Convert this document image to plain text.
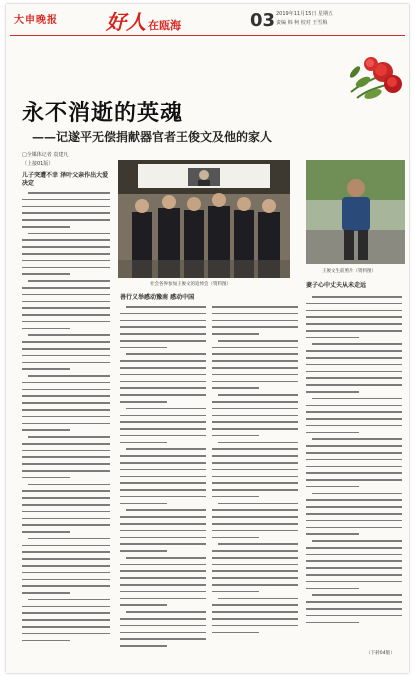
大申晚报 好人 在瓯海	03 2019年11月15日 星期五
责编 韩 柯 校对 王雪梅
永不消逝的英魂
——记遂平无偿捐献器官者王俊文及他的家人
□全媒体记者 袁建凡
（上接01版）
儿子突遭不幸 泽叶父亲作出大爱决定
社会各界参加王俊文的追悼会（资料图）
王俊文生前照片（资料图）
善行义举感动豫南 感动中国
妻子心中丈夫从未走远
（下转04版）
